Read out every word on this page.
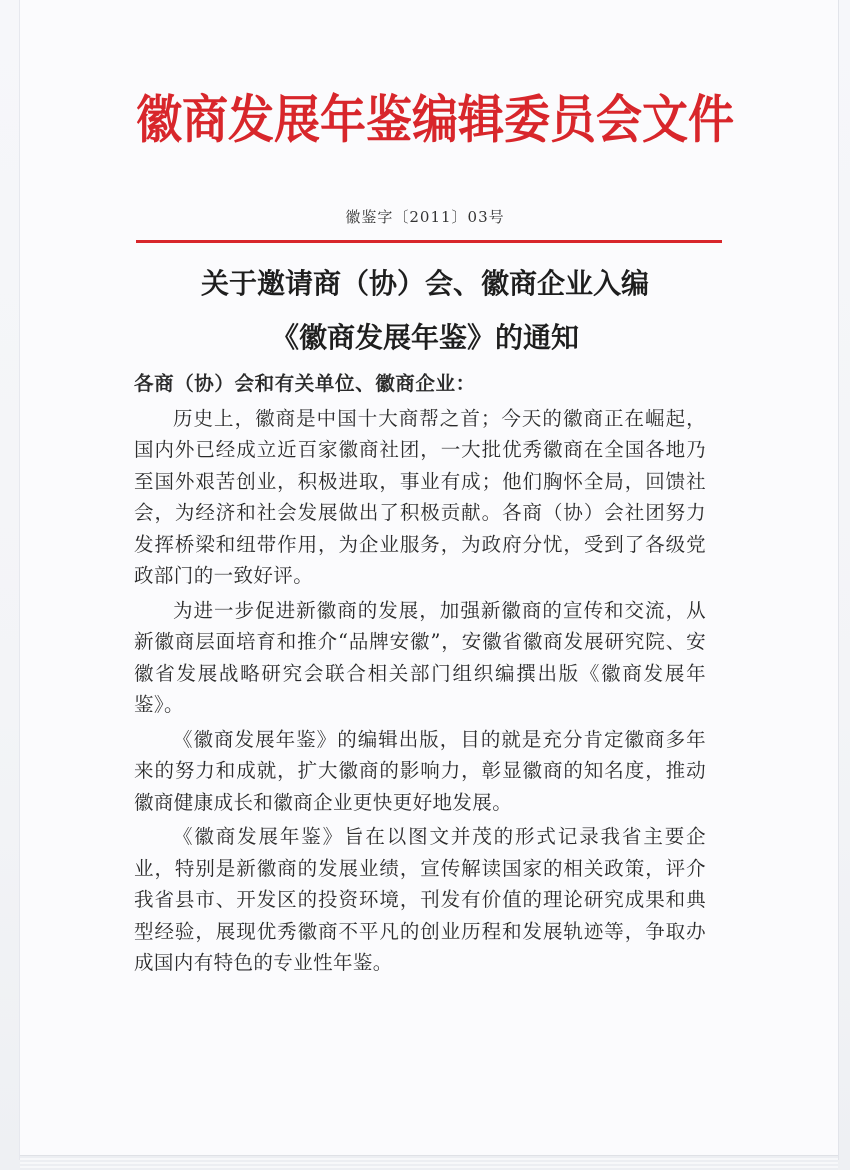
徽商发展年鉴编辑委员会文件
徽鉴字〔2011〕03号
关于邀请商（协）会、徽商企业入编
《徽商发展年鉴》的通知

各商（协）会和有关单位、徽商企业：

历史上，徽商是中国十大商帮之首；今天的徽商正在崛起，国内外已经成立近百家徽商社团，一大批优秀徽商在全国各地乃至国外艰苦创业，积极进取，事业有成；他们胸怀全局，回馈社会，为经济和社会发展做出了积极贡献。各商（协）会社团努力发挥桥梁和纽带作用，为企业服务，为政府分忧，受到了各级党政部门的一致好评。

为进一步促进新徽商的发展，加强新徽商的宣传和交流，从新徽商层面培育和推介“品牌安徽”，安徽省徽商发展研究院、安徽省发展战略研究会联合相关部门组织编撰出版《徽商发展年鉴》。

《徽商发展年鉴》的编辑出版，目的就是充分肯定徽商多年来的努力和成就，扩大徽商的影响力，彰显徽商的知名度，推动徽商健康成长和徽商企业更快更好地发展。

《徽商发展年鉴》旨在以图文并茂的形式记录我省主要企业，特别是新徽商的发展业绩，宣传解读国家的相关政策，评介我省县市、开发区的投资环境，刊发有价值的理论研究成果和典型经验，展现优秀徽商不平凡的创业历程和发展轨迹等，争取办成国内有特色的专业性年鉴。
